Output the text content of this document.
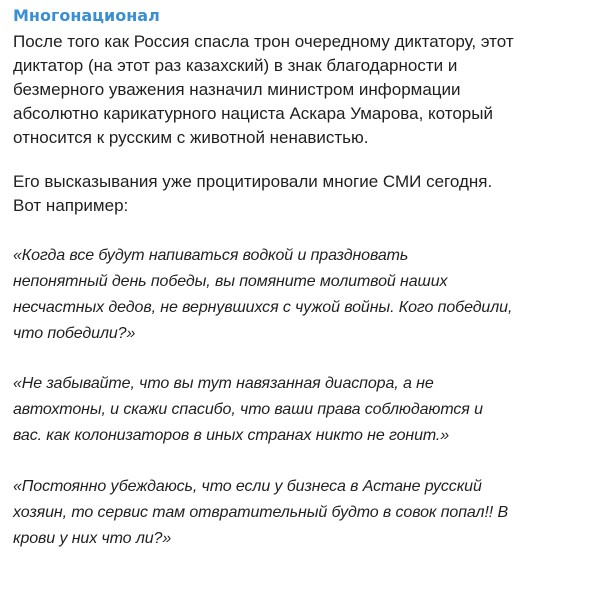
Многонационал

После того как Россия спасла трон очередному диктатору, этот
диктатор (на этот раз казахский) в знак благодарности и
безмерного уважения назначил министром информации
абсолютно карикатурного нациста Аскара Умарова, который
относится к русским с животной ненавистью.

Его высказывания уже процитировали многие СМИ сегодня.
Вот например:

«Когда все будут напиваться водкой и праздновать
непонятный день победы, вы помяните молитвой наших
несчастных дедов, не вернувшихся с чужой войны. Кого победили,
что победили?»

«Не забывайте, что вы тут навязанная диаспора, а не
автохтоны, и скажи спасибо, что ваши права соблюдаются и
вас. как колонизаторов в иных странах никто не гонит.»

«Постоянно убеждаюсь, что если у бизнеса в Астане русский
хозяин, то сервис там отвратительный будто в совок попал!! В
крови у них что ли?»
